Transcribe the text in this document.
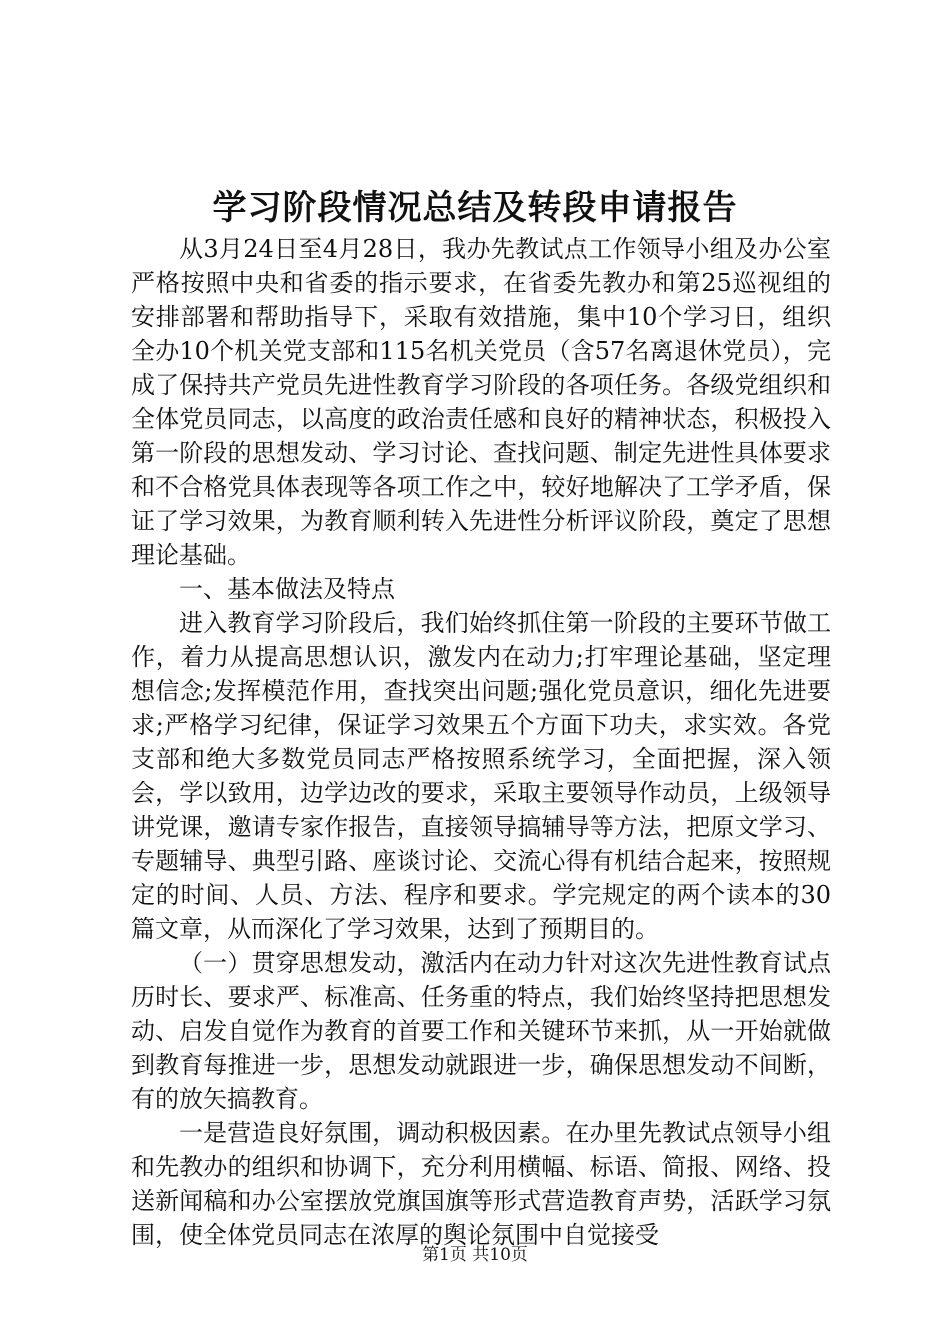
学习阶段情况总结及转段申请报告

从3月24日至4月28日，我办先教试点工作领导小组及办公室严格按照中央和省委的指示要求，在省委先教办和第25巡视组的安排部署和帮助指导下，采取有效措施，集中10个学习日，组织全办10个机关党支部和115名机关党员（含57名离退休党员），完成了保持共产党员先进性教育学习阶段的各项任务。各级党组织和全体党员同志，以高度的政治责任感和良好的精神状态，积极投入第一阶段的思想发动、学习讨论、查找问题、制定先进性具体要求和不合格党具体表现等各项工作之中，较好地解决了工学矛盾，保证了学习效果，为教育顺利转入先进性分析评议阶段，奠定了思想理论基础。

一、基本做法及特点

进入教育学习阶段后，我们始终抓住第一阶段的主要环节做工作，着力从提高思想认识，激发内在动力;打牢理论基础，坚定理想信念;发挥模范作用，查找突出问题;强化党员意识，细化先进要求;严格学习纪律，保证学习效果五个方面下功夫，求实效。各党支部和绝大多数党员同志严格按照系统学习，全面把握，深入领会，学以致用，边学边改的要求，采取主要领导作动员，上级领导讲党课，邀请专家作报告，直接领导搞辅导等方法，把原文学习、专题辅导、典型引路、座谈讨论、交流心得有机结合起来，按照规定的时间、人员、方法、程序和要求。学完规定的两个读本的30篇文章，从而深化了学习效果，达到了预期目的。

（一）贯穿思想发动，激活内在动力针对这次先进性教育试点历时长、要求严、标准高、任务重的特点，我们始终坚持把思想发动、启发自觉作为教育的首要工作和关键环节来抓，从一开始就做到教育每推进一步，思想发动就跟进一步，确保思想发动不间断，有的放矢搞教育。

一是营造良好氛围，调动积极因素。在办里先教试点领导小组和先教办的组织和协调下，充分利用横幅、标语、简报、网络、投送新闻稿和办公室摆放党旗国旗等形式营造教育声势，活跃学习氛围，使全体党员同志在浓厚的舆论氛围中自觉接受

第1页 共10页
